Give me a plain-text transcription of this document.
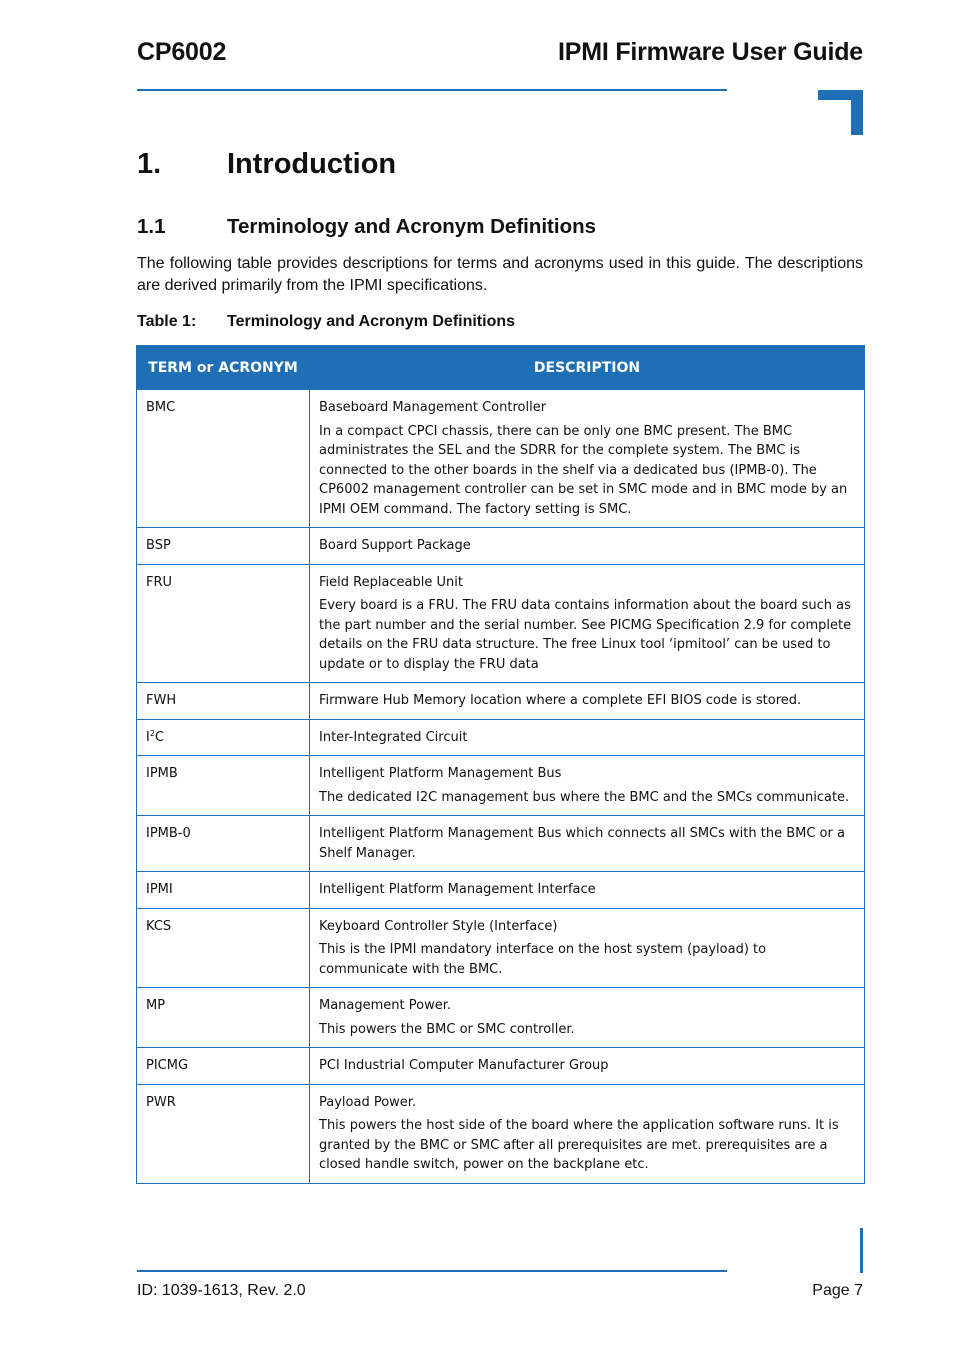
CP6002	IPMI Firmware User Guide
1.	Introduction
1.1	Terminology and Acronym Definitions
The following table provides descriptions for terms and acronyms used in this guide. The descriptions are derived primarily from the IPMI specifications.
Table 1: Terminology and Acronym Definitions
TERM or ACRONYM	DESCRIPTION
BMC	Baseboard Management Controller

In a compact CPCI chassis, there can be only one BMC present. The BMC administrates the SEL and the SDRR for the complete system. The BMC is connected to the other boards in the shelf via a dedicated bus (IPMB-0). The CP6002 management controller can be set in SMC mode and in BMC mode by an IPMI OEM command. The factory setting is SMC.

BSP	Board Support Package

FRU	Field Replaceable Unit

Every board is a FRU. The FRU data contains information about the board such as the part number and the serial number. See PICMG Specification 2.9 for complete details on the FRU data structure. The free Linux tool ‘ipmitool’ can be used to update or to display the FRU data

FWH	Firmware Hub Memory location where a complete EFI BIOS code is stored.

$I^2C$	Inter-Integrated Circuit

IPMB	Intelligent Platform Management Bus

The dedicated I2C management bus where the BMC and the SMCs communicate.

IPMB-0	Intelligent Platform Management Bus which connects all SMCs with the BMC or a Shelf Manager.

IPMI	Intelligent Platform Management Interface

KCS	Keyboard Controller Style (Interface)

This is the IPMI mandatory interface on the host system (payload) to communicate with the BMC.

MP	Management Power.

This powers the BMC or SMC controller.

PICMG	PCI Industrial Computer Manufacturer Group

PWR	Payload Power.

This powers the host side of the board where the application software runs. It is granted by the BMC or SMC after all prerequisites are met. prerequisites are a closed handle switch, power on the backplane etc.

ID: 1039-1613, Rev. 2.0	Page 7
